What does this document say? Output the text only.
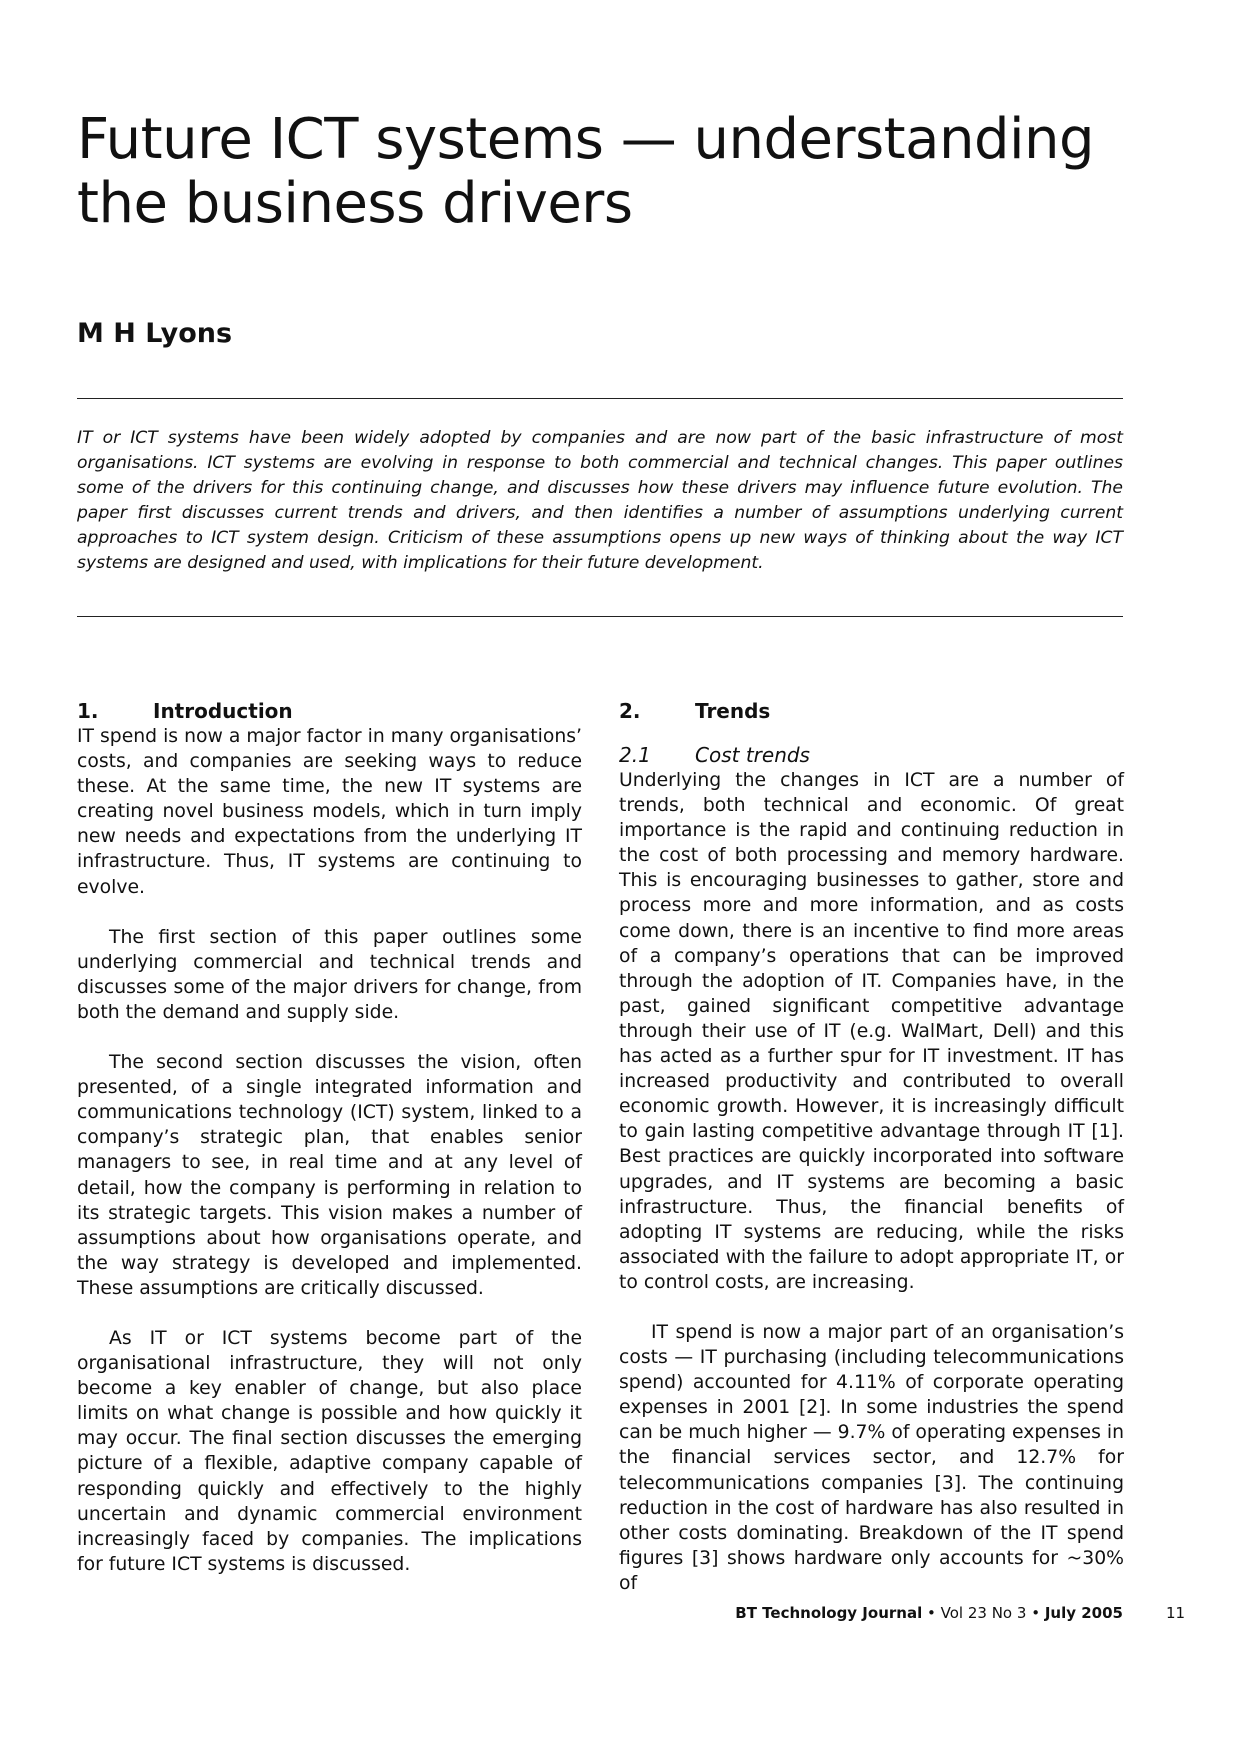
Future ICT systems — understanding the business drivers
M H Lyons

IT or ICT systems have been widely adopted by companies and are now part of the basic infrastructure of most organisations. ICT systems are evolving in response to both commercial and technical changes. This paper outlines some of the drivers for this continuing change, and discusses how these drivers may influence future evolution. The paper first discusses current trends and drivers, and then identifies a number of assumptions underlying current approaches to ICT system design. Criticism of these assumptions opens up new ways of thinking about the way ICT systems are designed and used, with implications for their future development.

1.	Introduction

IT spend is now a major factor in many organisations’ costs, and companies are seeking ways to reduce these. At the same time, the new IT systems are creating novel business models, which in turn imply new needs and expectations from the underlying IT infrastructure. Thus, IT systems are continuing to evolve.

The first section of this paper outlines some underlying commercial and technical trends and discusses some of the major drivers for change, from both the demand and supply side.

The second section discusses the vision, often presented, of a single integrated information and communications technology (ICT) system, linked to a company’s strategic plan, that enables senior managers to see, in real time and at any level of detail, how the company is performing in relation to its strategic targets. This vision makes a number of assumptions about how organisations operate, and the way strategy is developed and implemented. These assumptions are critically discussed.

As IT or ICT systems become part of the organisational infrastructure, they will not only become a key enabler of change, but also place limits on what change is possible and how quickly it may occur. The final section discusses the emerging picture of a flexible, adaptive company capable of responding quickly and effectively to the highly uncertain and dynamic commercial environment increasingly faced by companies. The implications for future ICT systems is discussed.

2.	Trends
2.1	Cost trends

Underlying the changes in ICT are a number of trends, both technical and economic. Of great importance is the rapid and continuing reduction in the cost of both processing and memory hardware. This is encouraging businesses to gather, store and process more and more information, and as costs come down, there is an incentive to find more areas of a company’s operations that can be improved through the adoption of IT. Companies have, in the past, gained significant competitive advantage through their use of IT (e.g. WalMart, Dell) and this has acted as a further spur for IT investment. IT has increased productivity and contributed to overall economic growth. However, it is increasingly difficult to gain lasting competitive advantage through IT [1]. Best practices are quickly incorporated into software upgrades, and IT systems are becoming a basic infrastructure. Thus, the financial benefits of adopting IT systems are reducing, while the risks associated with the failure to adopt appropriate IT, or to control costs, are increasing.

IT spend is now a major part of an organisation’s costs — IT purchasing (including telecommunications spend) accounted for 4.11% of corporate operating expenses in 2001 [2]. In some industries the spend can be much higher — 9.7% of operating expenses in the financial services sector, and 12.7% for telecommunications companies [3]. The continuing reduction in the cost of hardware has also resulted in other costs dominating. Breakdown of the IT spend figures [3] shows hardware only accounts for ~30% of

BT Technology Journal • Vol 23 No 3 • July 2005	11
